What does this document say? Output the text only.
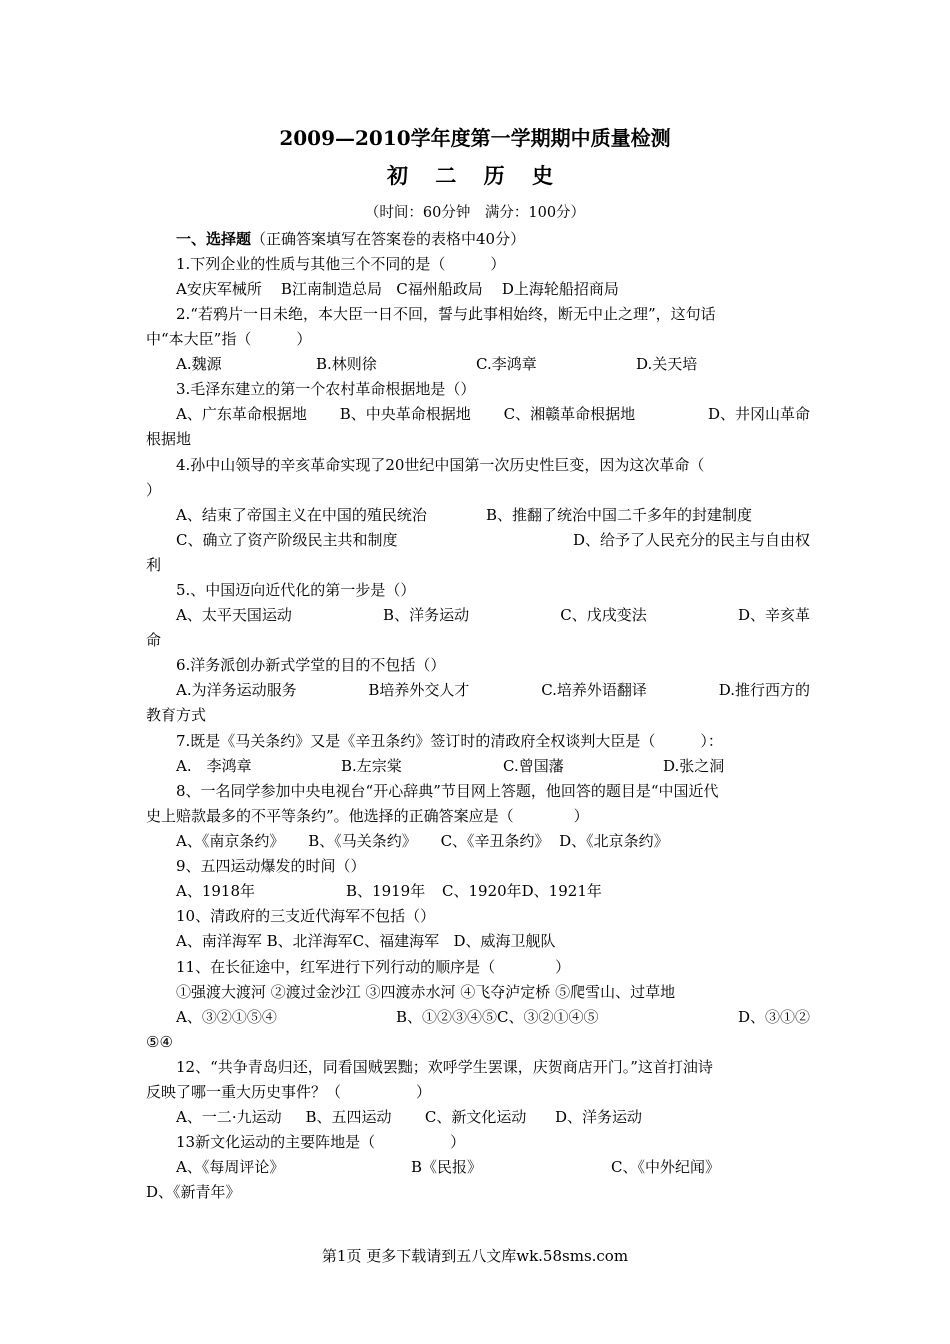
2009—2010学年度第一学期期中质量检测
初 二 历 史
（时间：60分钟　满分：100分）
一、选择题（正确答案填写在答案卷的表格中40分）
1.下列企业的性质与其他三个不同的是（　　　）
A安庆军械所 B江南制造总局 C福州船政局 D上海轮船招商局
2.“若鸦片一日未绝，本大臣一日不回，誓与此事相始终，断无中止之理”，这句话
中“本大臣”指（　　　）
A.魏源	B.林则徐	C.李鸿章	D.关天培
3.毛泽东建立的第一个农村革命根据地是（）
A、广东革命根据地 B、中央革命根据地 C、湘赣革命根据地	D、井冈山革命
根据地
4.孙中山领导的辛亥革命实现了20世纪中国第一次历史性巨变，因为这次革命（
）
A、结束了帝国主义在中国的殖民统治	B、推翻了统治中国二千多年的封建制度
C、确立了资产阶级民主共和制度	D、给予了人民充分的民主与自由权
利
5.、中国迈向近代化的第一步是（）
A、太平天国运动	B、洋务运动	C、戊戌变法	D、辛亥革
命
6.洋务派创办新式学堂的目的不包括（）
A.为洋务运动服务	B培养外交人才	C.培养外语翻译	D.推行西方的
教育方式
7.既是《马关条约》又是《辛丑条约》签订时的清政府全权谈判大臣是（　　　）：
A.　李鸿章	B.左宗棠	C.曾国藩	D.张之洞
8、一名同学参加中央电视台“开心辞典”节目网上答题，他回答的题目是“中国近代
史上赔款最多的不平等条约”。他选择的正确答案应是（　　　　）
A、《南京条约》 B、《马关条约》 C、《辛丑条约》 D、《北京条约》
9、五四运动爆发的时间（）
A、1918年	B、1919年 C、1920年D、1921年
10、清政府的三支近代海军不包括（）
A、南洋海军 B、北洋海军C、福建海军 D、威海卫舰队
11、在长征途中，红军进行下列行动的顺序是（　　　　）
①强渡大渡河 ②渡过金沙江 ③四渡赤水河 ④飞夺泸定桥 ⑤爬雪山、过草地
A、③②①⑤④	B、①②③④⑤C、③②①④⑤	D、③①②
⑤④
12、“共争青岛归还，同看国贼罢黜；欢呼学生罢课，庆贺商店开门。”这首打油诗
反映了哪一重大历史事件？（　　　　　）
A、一二·九运动 B、五四运动 C、新文化运动 D、洋务运动
13新文化运动的主要阵地是（　　　　　）
A、《每周评论》	B《民报》	C、《中外纪闻》
D、《新青年》
第1页 更多下载请到五八文库wk.58sms.com
